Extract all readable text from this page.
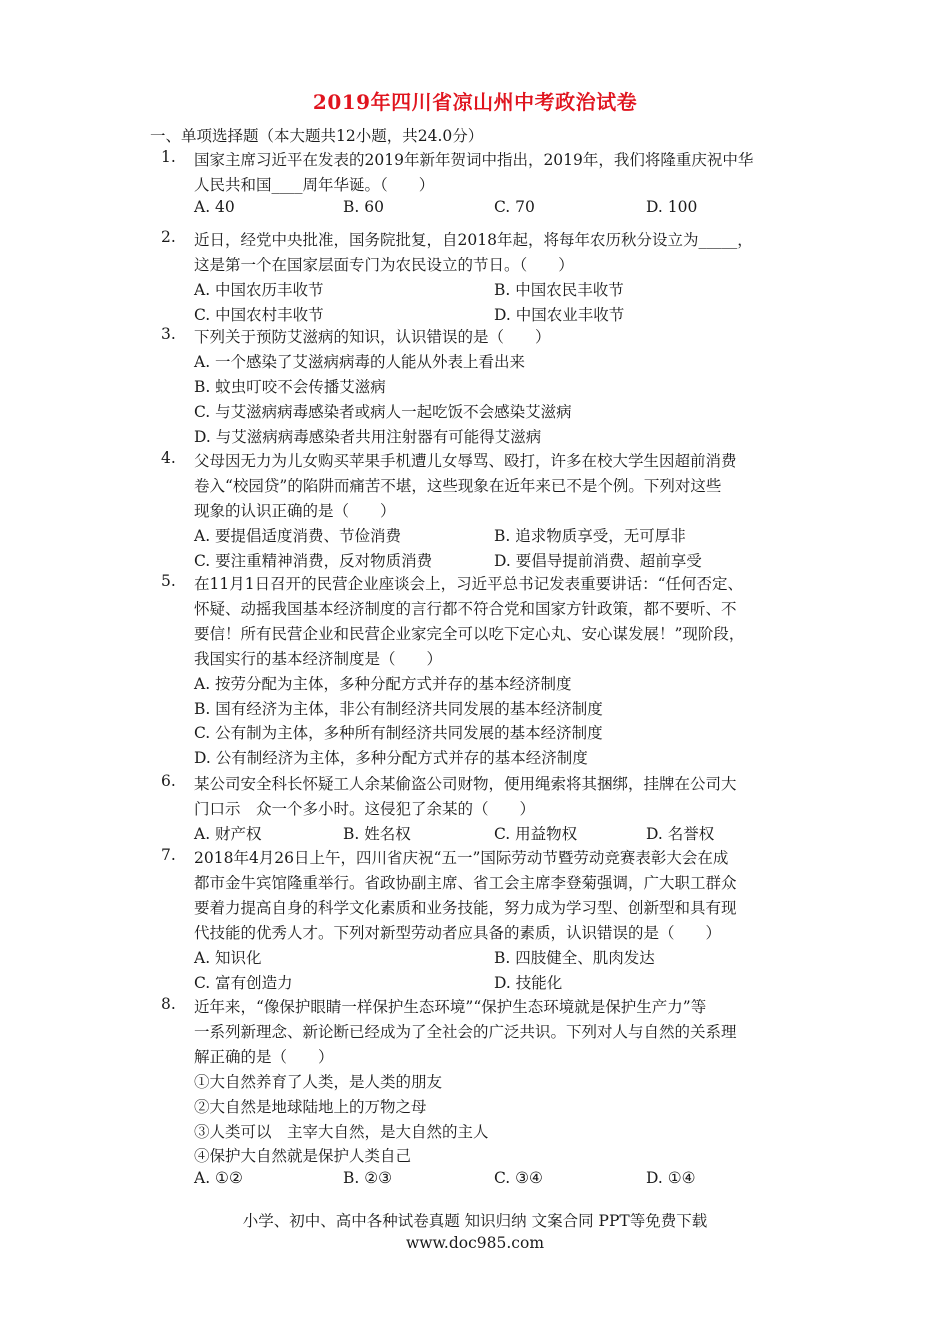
2019年四川省凉山州中考政治试卷
一、单项选择题（本大题共12小题，共24.0分）
1. 国家主席习近平在发表的2019年新年贺词中指出，2019年，我们将隆重庆祝中华
人民共和国____周年华诞。（　　）
A. 40	B. 60	C. 70	D. 100
2. 近日，经党中央批准，国务院批复，自2018年起，将每年农历秋分设立为_____，
这是第一个在国家层面专门为农民设立的节日。（　　）
A. 中国农历丰收节	B. 中国农民丰收节
C. 中国农村丰收节	D. 中国农业丰收节
3. 下列关于预防艾滋病的知识，认识错误的是（　　）
A. 一个感染了艾滋病病毒的人能从外表上看出来
B. 蚊虫叮咬不会传播艾滋病
C. 与艾滋病病毒感染者或病人一起吃饭不会感染艾滋病
D. 与艾滋病病毒感染者共用注射器有可能得艾滋病
4. 父母因无力为儿女购买苹果手机遭儿女辱骂、殴打，许多在校大学生因超前消费
卷入“校园贷”的陷阱而痛苦不堪，这些现象在近年来已不是个例。下列对这些
现象的认识正确的是（　　）
A. 要提倡适度消费、节俭消费	B. 追求物质享受，无可厚非
C. 要注重精神消费，反对物质消费	D. 要倡导提前消费、超前享受
5. 在11月1日召开的民营企业座谈会上，习近平总书记发表重要讲话：“任何否定、
怀疑、动摇我国基本经济制度的言行都不符合党和国家方针政策，都不要听、不
要信！所有民营企业和民营企业家完全可以吃下定心丸、安心谋发展！”现阶段，
我国实行的基本经济制度是（　　）
A. 按劳分配为主体，多种分配方式并存的基本经济制度
B. 国有经济为主体，非公有制经济共同发展的基本经济制度
C. 公有制为主体，多种所有制经济共同发展的基本经济制度
D. 公有制经济为主体，多种分配方式并存的基本经济制度
6. 某公司安全科长怀疑工人余某偷盗公司财物，便用绳索将其捆绑，挂牌在公司大
门口示　众一个多小时。这侵犯了余某的（　　）
A. 财产权	B. 姓名权	C. 用益物权	D. 名誉权
7. 2018年4月26日上午，四川省庆祝“五一”国际劳动节暨劳动竞赛表彰大会在成
都市金牛宾馆隆重举行。省政协副主席、省工会主席李登菊强调，广大职工群众
要着力提高自身的科学文化素质和业务技能，努力成为学习型、创新型和具有现
代技能的优秀人才。下列对新型劳动者应具备的素质，认识错误的是（　　）
A. 知识化	B. 四肢健全、肌肉发达
C. 富有创造力	D. 技能化
8. 近年来，“像保护眼睛一样保护生态环境”“保护生态环境就是保护生产力”等
一系列新理念、新论断已经成为了全社会的广泛共识。下列对人与自然的关系理
解正确的是（　　）
①大自然养育了人类，是人类的朋友
②大自然是地球陆地上的万物之母
③人类可以　主宰大自然，是大自然的主人
④保护大自然就是保护人类自己
A. ①②	B. ②③	C. ③④	D. ①④
小学、初中、高中各种试卷真题 知识归纳 文案合同 PPT等免费下载
www.doc985.com
